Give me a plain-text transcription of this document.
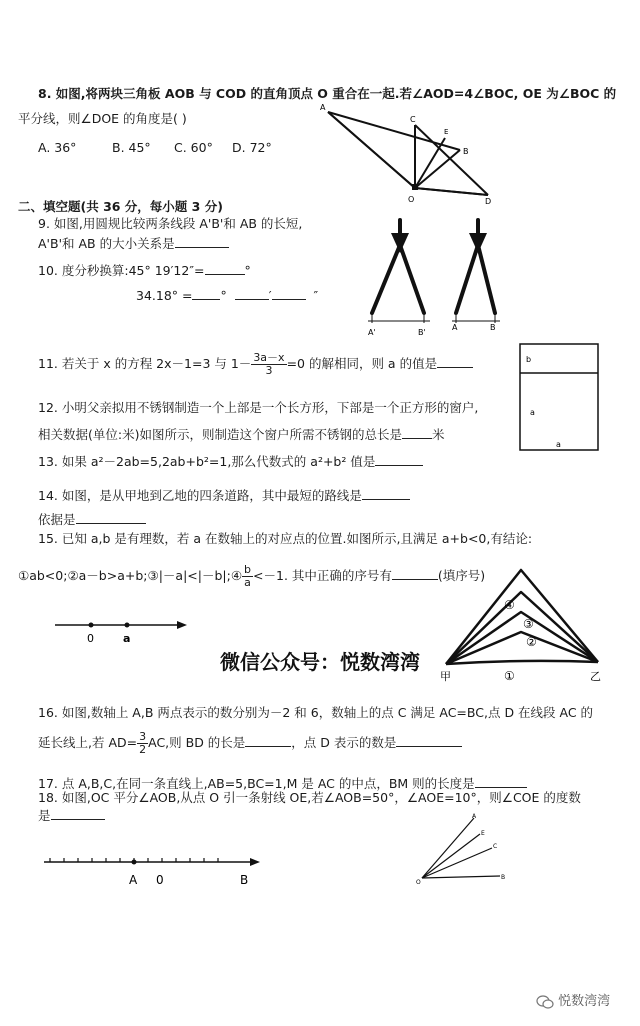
8. 如图,将两块三角板 AOB 与 COD 的直角顶点 O 重合在一起.若∠AOD=4∠BOC, OE 为∠BOC 的
平分线，则∠DOE 的角度是( )
A. 36°	B. 45° C. 60° D. 72°
A
C
E
B
O	D
二、填空题(共 36 分，每小题 3 分)
9. 如图,用圆规比较两条线段 A'B'和 AB 的长短,
A'B'和 AB 的大小关系是
A'	B'
A	B
10. 度分秒换算:45° 19′12″=	°
34.18° = °	′	″
11. 若关于 x 的方程 2x－1=3 与 $1- \frac{3a-x}{3} =0$ 的解相同，则 a 的值是	b
a
a
12. 小明父亲拟用不锈钢制造一个上部是一个长方形，下部是一个正方形的窗户,
相关数据(单位:米)如图所示，则制造这个窗户所需不锈钢的总长是 米
13. 如果 a²－2ab=5,2ab+b²=1,那么代数式的 a²+b² 值是
14. 如图，是从甲地到乙地的四条道路，其中最短的路线是
依据是
15. 已知 a,b 是有理数，若 a 在数轴上的对应点的位置.如图所示,且满足 a+b<0,有结论:
①ab<0;②a－b>a+b;③|－a|<|－b|;④ $\frac{b}{a} <-1$. 其中正确的序号有	(填序号)
0	a
④
③
②
①
甲	乙
微信公众号：悦数湾湾
16. 如图,数轴上 A,B 两点表示的数分别为－2 和 6，数轴上的点 C 满足 AC=BC,点 D 在线段 AC 的
延长线上,若 $AD= \frac{3}{2}$ AC,则 BD 的长是	，点 D 表示的数是
17. 点 A,B,C,在同一条直线上,AB=5,BC=1,M 是 AC 的中点，BM 则的长度是
18. 如图,OC 平分∠AOB,从点 O 引一条射线 OE,若∠AOB=50°，∠AOE=10°，则∠COE 的度数
是
A 0	B
A
E
C
O
B
悦数湾湾
